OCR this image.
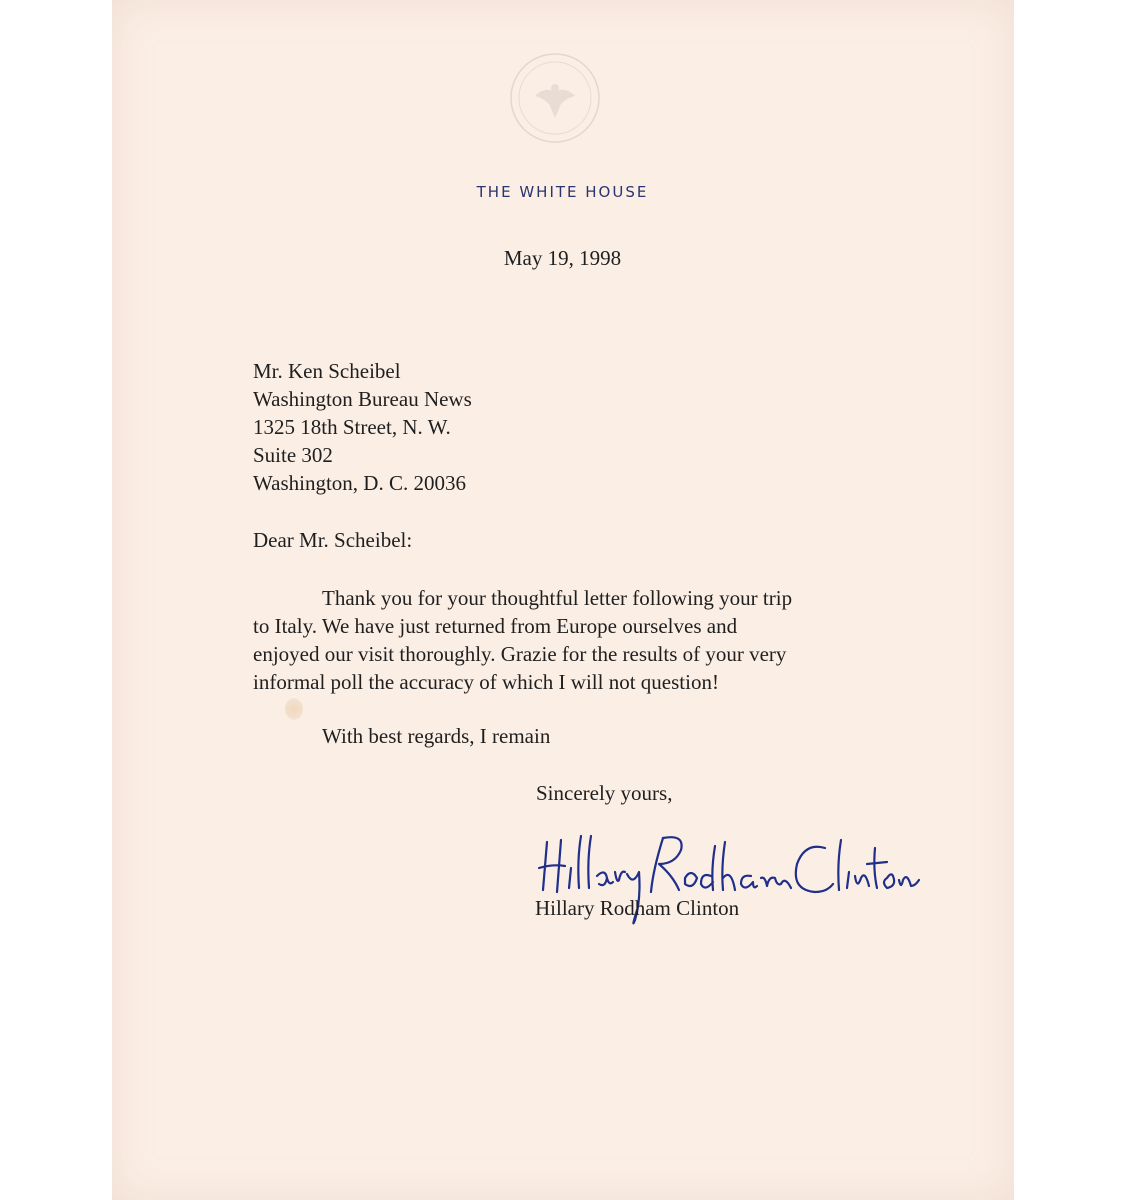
THE WHITE HOUSE
May 19, 1998
Mr. Ken Scheibel
Washington Bureau News
1325 18th Street, N. W.
Suite 302
Washington, D. C. 20036
Dear Mr. Scheibel:
Thank you for your thoughtful letter following your trip
to Italy. We have just returned from Europe ourselves and
enjoyed our visit thoroughly. Grazie for the results of your very
informal poll the accuracy of which I will not question!
With best regards, I remain
Sincerely yours,
Hillary Rodham Clinton
